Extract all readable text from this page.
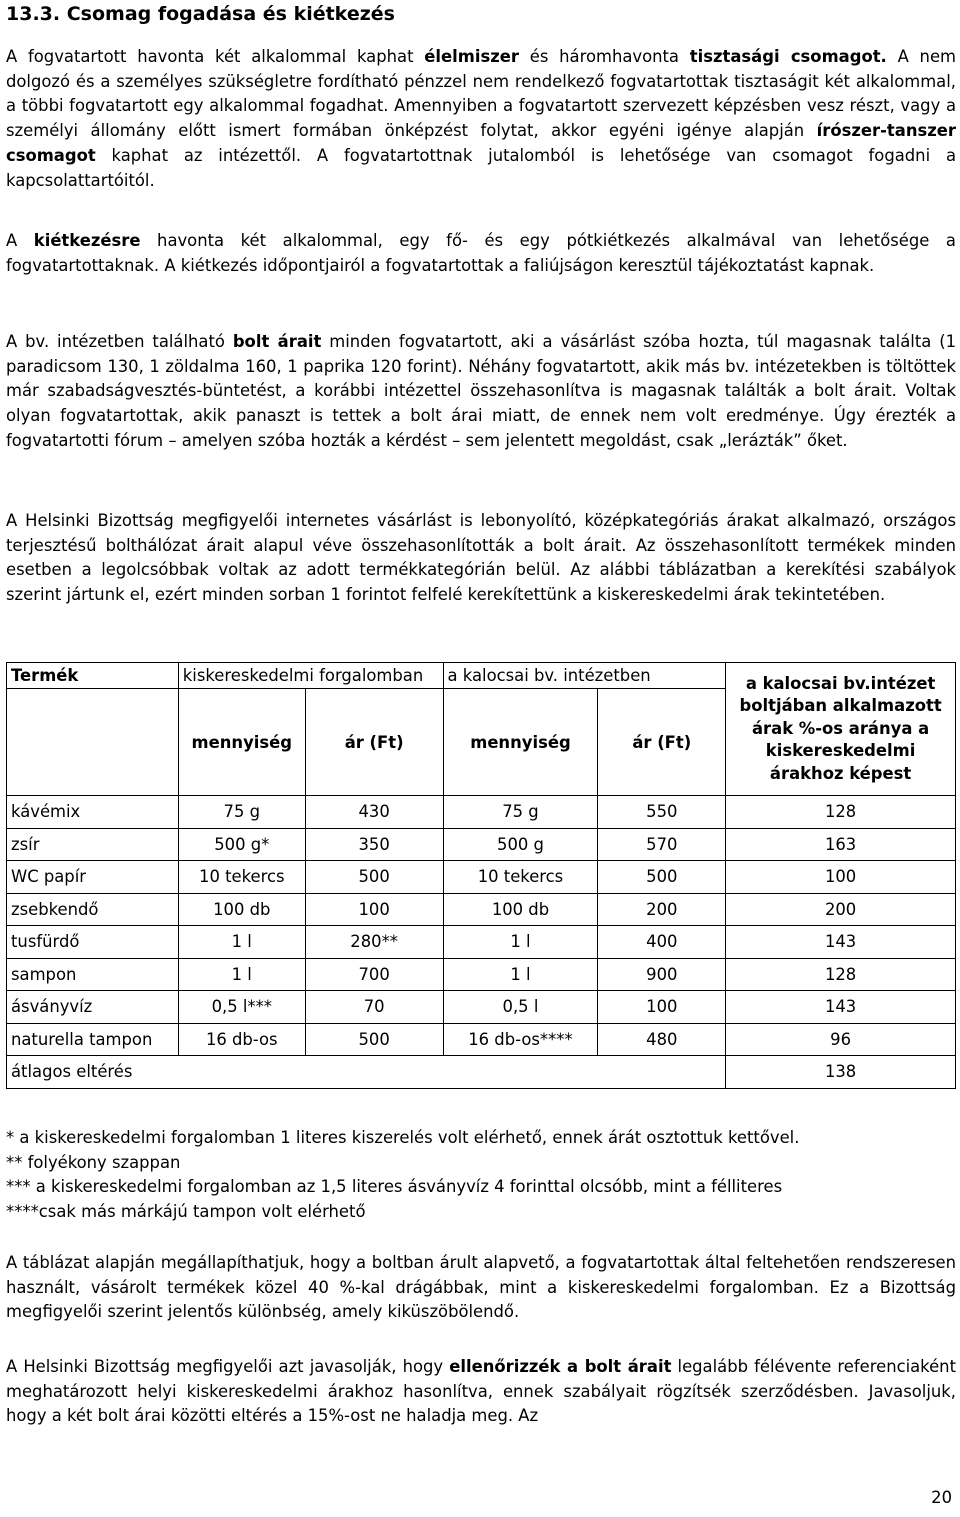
13.3. Csomag fogadása és kiétkezés

A fogvatartott havonta két alkalommal kaphat élelmiszer és háromhavonta tisztasági csomagot. A nem dolgozó és a személyes szükségletre fordítható pénzzel nem rendelkező fogvatartottak tisztaságit két alkalommal, a többi fogvatartott egy alkalommal fogadhat. Amennyiben a fogvatartott szervezett képzésben vesz részt, vagy a személyi állomány előtt ismert formában önképzést folytat, akkor egyéni igénye alapján írószer-tanszer csomagot kaphat az intézettől. A fogvatartottnak jutalomból is lehetősége van csomagot fogadni a kapcsolattartóitól.

A kiétkezésre havonta két alkalommal, egy fő- és egy pótkiétkezés alkalmával van lehetősége a fogvatartottaknak. A kiétkezés időpontjairól a fogvatartottak a faliújságon keresztül tájékoztatást kapnak.

A bv. intézetben található bolt árait minden fogvatartott, aki a vásárlást szóba hozta, túl magasnak találta (1 paradicsom 130, 1 zöldalma 160, 1 paprika 120 forint). Néhány fogvatartott, akik más bv. intézetekben is töltöttek már szabadságvesztés-büntetést, a korábbi intézettel összehasonlítva is magasnak találták a bolt árait. Voltak olyan fogvatartottak, akik panaszt is tettek a bolt árai miatt, de ennek nem volt eredménye. Úgy érezték a fogvatartotti fórum – amelyen szóba hozták a kérdést – sem jelentett megoldást, csak „lerázták” őket.

A Helsinki Bizottság megfigyelői internetes vásárlást is lebonyolító, középkategóriás árakat alkalmazó, országos terjesztésű bolthálózat árait alapul véve összehasonlították a bolt árait. Az összehasonlított termékek minden esetben a legolcsóbbak voltak az adott termékkategórián belül. Az alábbi táblázatban a kerekítési szabályok szerint jártunk el, ezért minden sorban 1 forintot felfelé kerekítettünk a kiskereskedelmi árak tekintetében.

Termék	kiskereskedelmi forgalomban		a kalocsai bv. intézetben		a kalocsai bv.intézet boltjában alkalmazott árak %-os aránya a kiskereskedelmi árakhoz képest
	mennyiség	ár (Ft)	mennyiség	ár (Ft)	
kávémix	75 g	430	75 g	550	128
zsír	500 g*	350	500 g	570	163
WC papír	10 tekercs	500	10 tekercs	500	100
zsebkendő	100 db	100	100 db	200	200
tusfürdő	1 l	280**	1 l	400	143
sampon	1 l	700	1 l	900	128
ásványvíz	0,5 l***	70	0,5 l	100	143
naturella tampon	16 db-os	500	16 db-os****	480	96
átlagos eltérés					138
* a kiskereskedelmi forgalomban 1 literes kiszerelés volt elérhető, ennek árát osztottuk kettővel.
** folyékony szappan
*** a kiskereskedelmi forgalomban az 1,5 literes ásványvíz 4 forinttal olcsóbb, mint a félliteres
****csak más márkájú tampon volt elérhető

A táblázat alapján megállapíthatjuk, hogy a boltban árult alapvető, a fogvatartottak által feltehetően rendszeresen használt, vásárolt termékek közel 40 %-kal drágábbak, mint a kiskereskedelmi forgalomban. Ez a Bizottság megfigyelői szerint jelentős különbség, amely kiküszöbölendő.

A Helsinki Bizottság megfigyelői azt javasolják, hogy ellenőrizzék a bolt árait legalább félévente referenciaként meghatározott helyi kiskereskedelmi árakhoz hasonlítva, ennek szabályait rögzítsék szerződésben. Javasoljuk, hogy a két bolt árai közötti eltérés a 15%-ost ne haladja meg. Az

20
